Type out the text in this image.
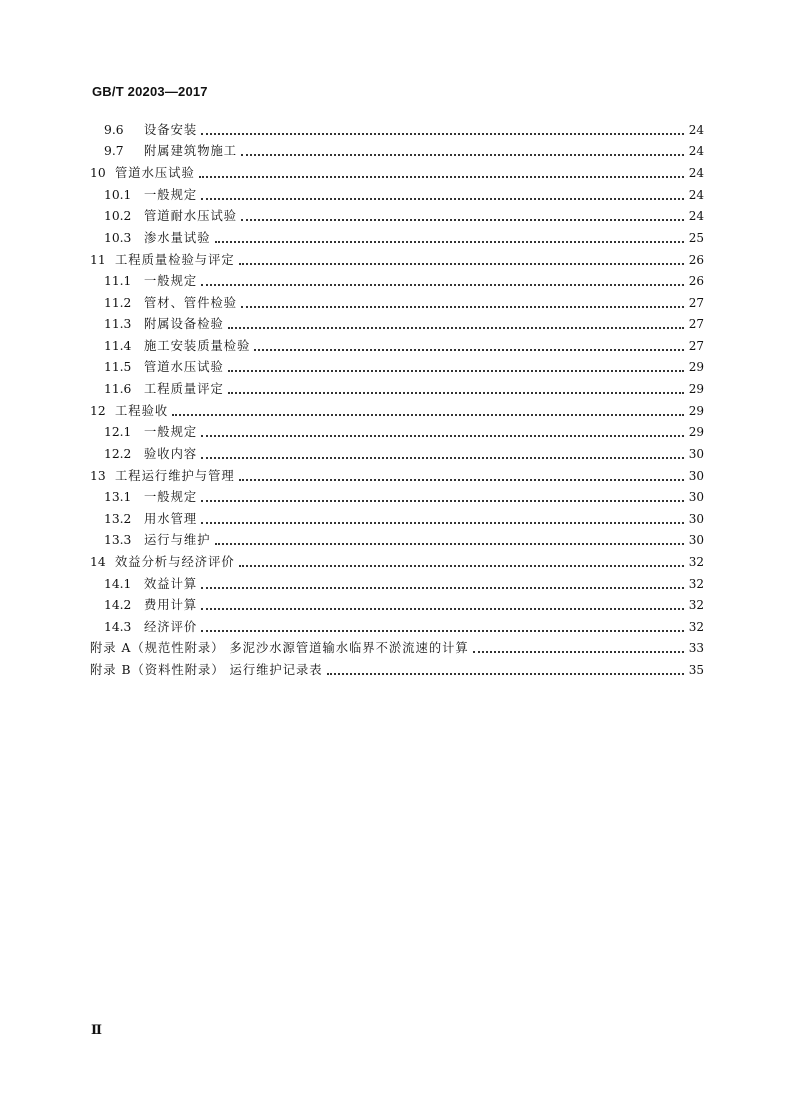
GB/T 20203—2017
9.6	设备安装	24
9.7	附属建筑物施工	24
10 管道水压试验	24
10.1	一般规定	24
10.2	管道耐水压试验	24
10.3	渗水量试验	25
11 工程质量检验与评定	26
11.1	一般规定	26
11.2	管材、管件检验	27
11.3	附属设备检验	27
11.4	施工安装质量检验	27
11.5	管道水压试验	29
11.6	工程质量评定	29
12 工程验收	29
12.1	一般规定	29
12.2	验收内容	30
13 工程运行维护与管理	30
13.1	一般规定	30
13.2	用水管理	30
13.3	运行与维护	30
14 效益分析与经济评价	32
14.1	效益计算	32
14.2	费用计算	32
14.3	经济评价	32
附录 A（规范性附录） 多泥沙水源管道输水临界不淤流速的计算	33
附录 B（资料性附录） 运行维护记录表	35
Ⅱ
